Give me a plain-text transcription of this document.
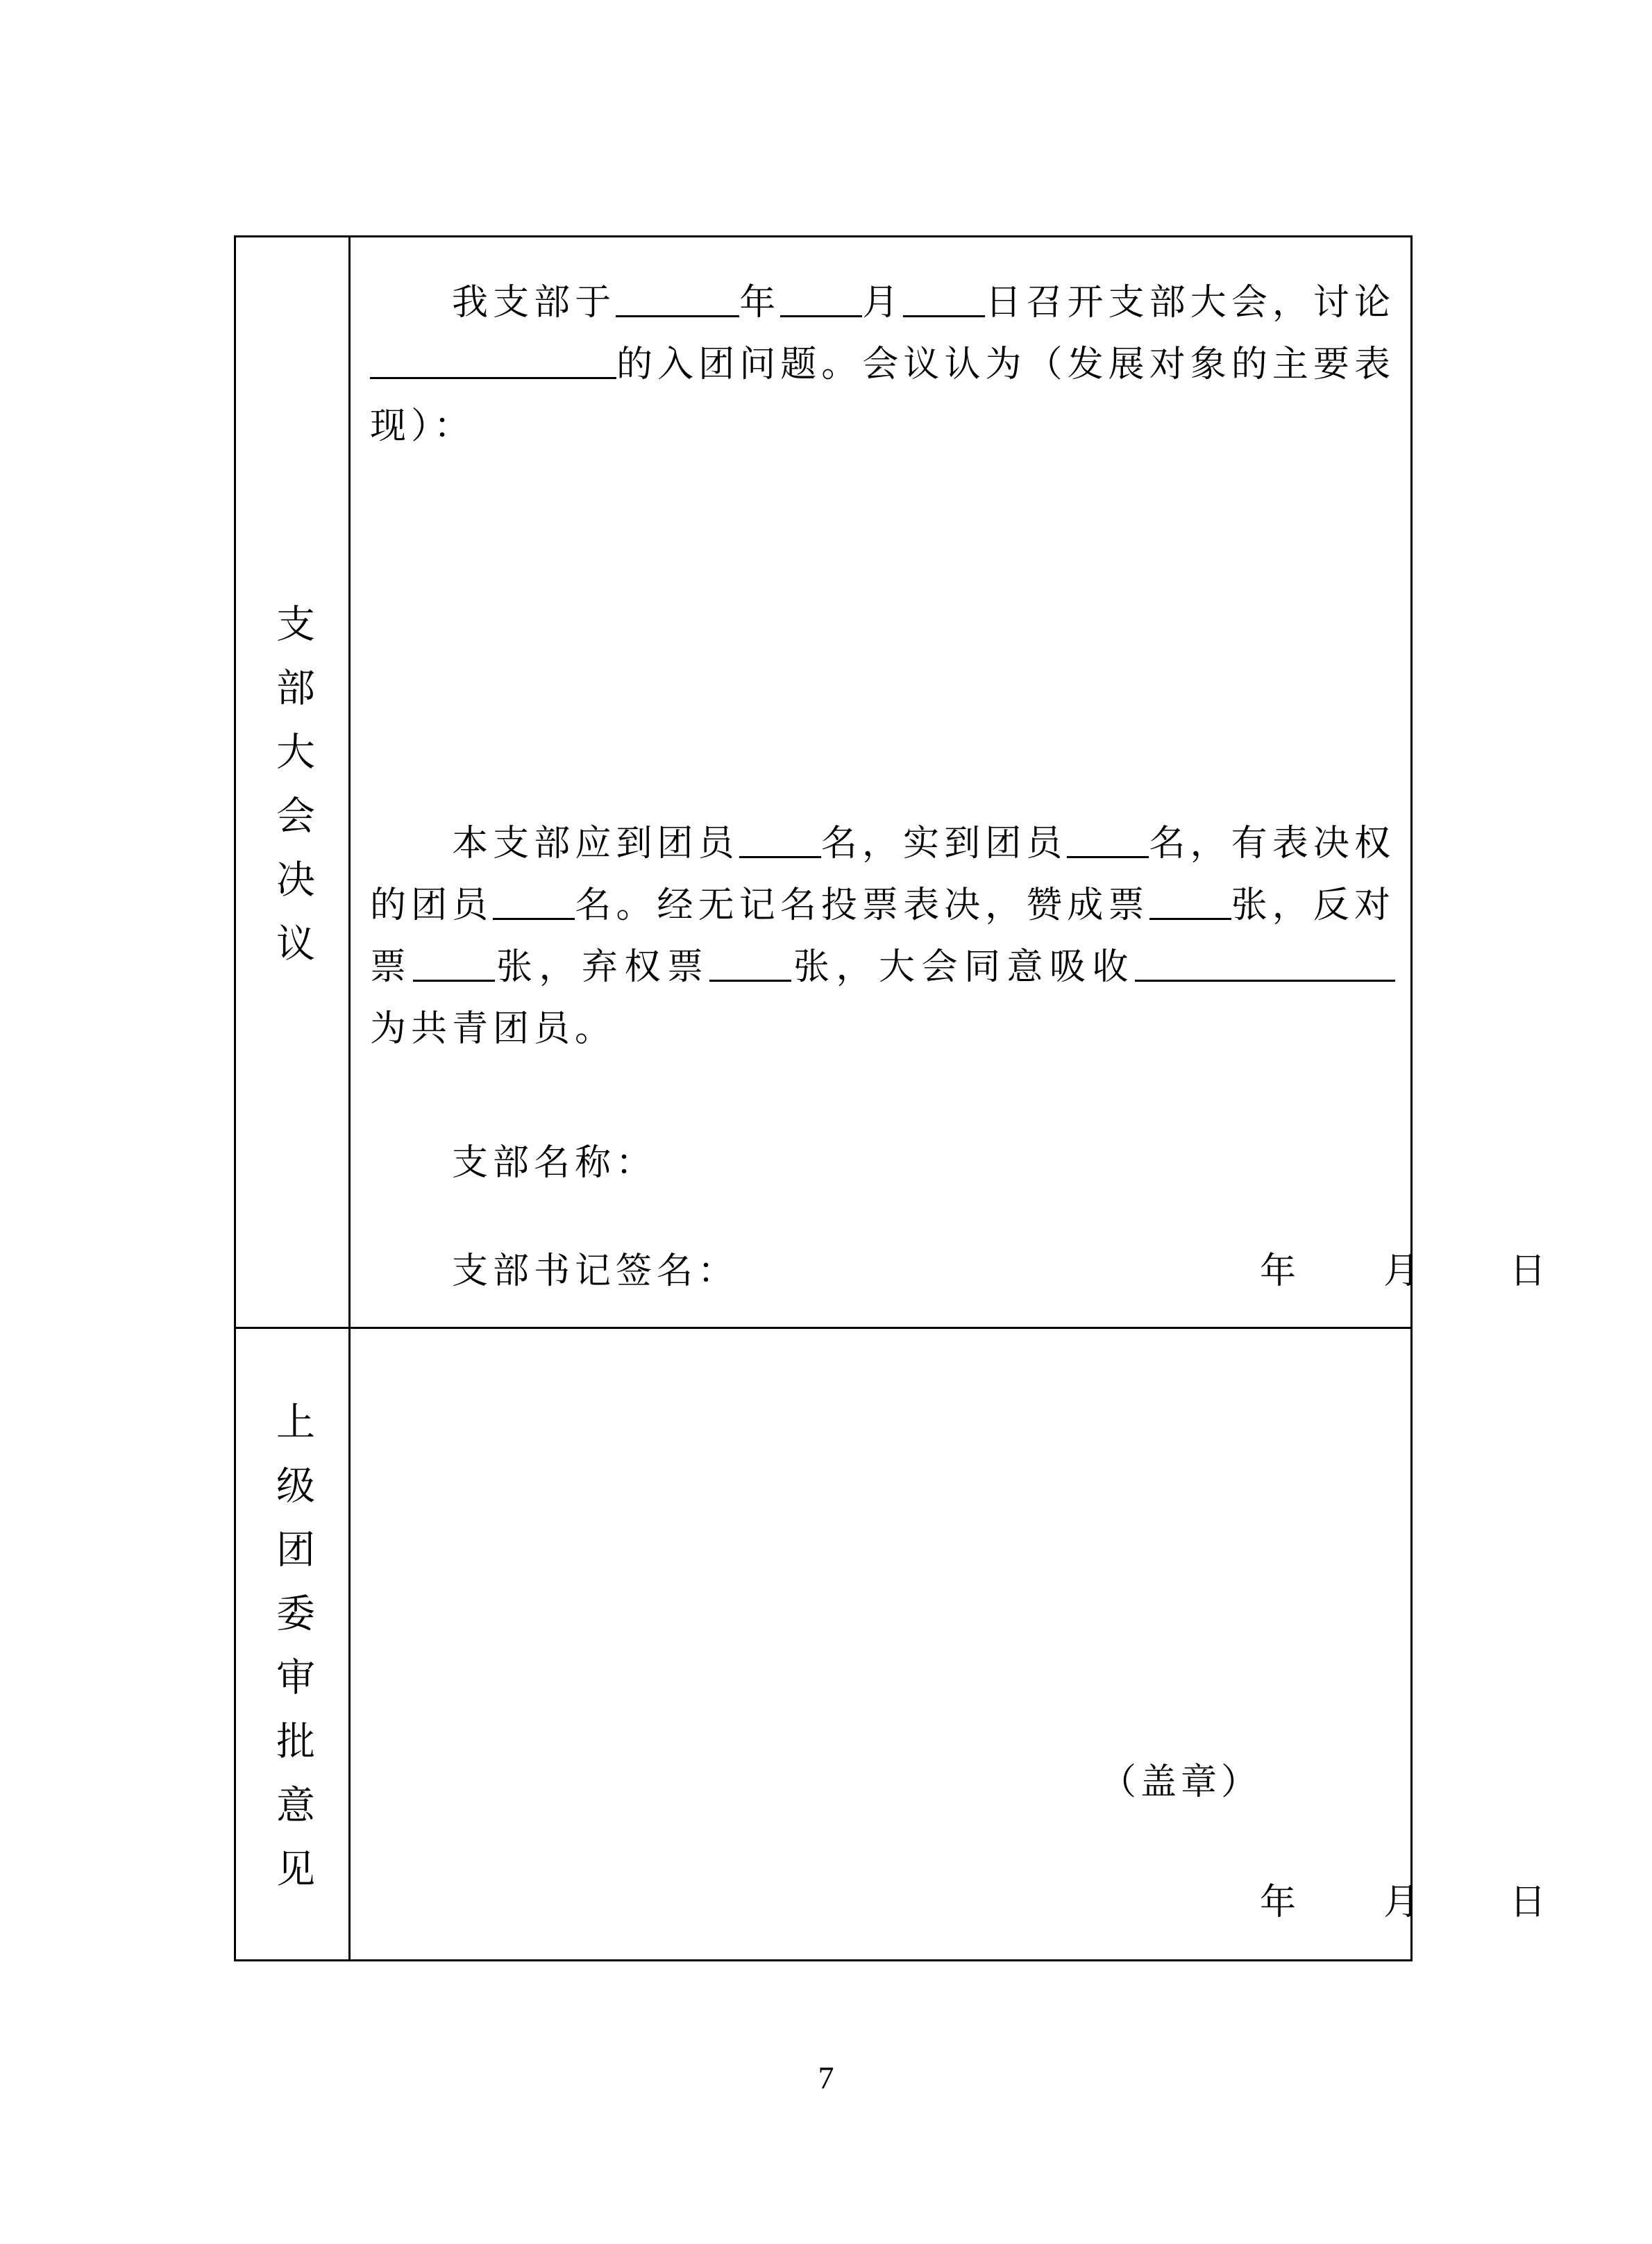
支部大会决议
我支部于	年 月 日召开支部大会，讨论的入团问题。会议认为（发展对象的主要表现）：
本支部应到团员 名，实到团员 名，有表决权的团员 名。经无记名投票表决，赞成票 张，反对票 张，弃权票 张，大会同意吸收为共青团员。
支部名称：
支部书记签名：	年 月 日
上级团委审批意见	（盖章）
年 月 日
7
